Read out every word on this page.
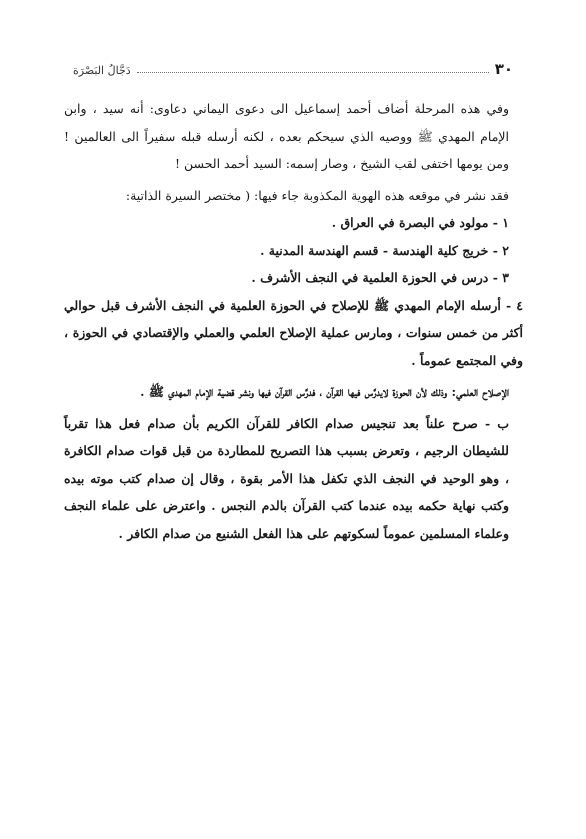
٣٠
دَجَّالُ البَصْرَة

وفي هذه المرحلة أضاف أحمد إسماعيل الى دعوى اليماني دعاوى: أنه سيد ، وابن الإمام المهدي ﷺ ووصيه الذي سيحكم بعده ، لكنه أرسله قبله سفيراً الى العالمين ! ومن يومها اختفى لقب الشيخ ، وصار إسمه: السيد أحمد الحسن !

فقد نشر في موقعه هذه الهوية المكذوبة جاء فيها: ( مختصر السيرة الذاتية:

١ - مولود في البصرة في العراق .

٢ - خريج كلية الهندسة - قسم الهندسة المدنية .

٣ - درس في الحوزة العلمية في النجف الأشرف .

٤ - أرسله الإمام المهدي ﷺ للإصلاح في الحوزة العلمية في النجف الأشرف قبل حوالي أكثر من خمس سنوات ، ومارس عملية الإصلاح العلمي والعملي والإقتصادي في الحوزة ، وفي المجتمع عموماً .

الإصلاح العلمي: وذلك لأن الحوزة لايدرَّس فيها القرآن ، فدرَّس القرآن فيها ونشر قضية الإمام المهدي ﷺ .

ب - صرح علناً بعد تنجيس صدام الكافر للقرآن الكريم بأن صدام فعل هذا تقرباً للشيطان الرجيم ، وتعرض بسبب هذا التصريح للمطاردة من قبل قوات صدام الكافرة ، وهو الوحيد في النجف الذي تكفل هذا الأمر بقوة ، وقال إن صدام كتب موته بيده وكتب نهاية حكمه بيده عندما كتب القرآن بالدم النجس . واعترض على علماء النجف وعلماء المسلمين عموماً لسكوتهم على هذا الفعل الشنيع من صدام الكافر .
